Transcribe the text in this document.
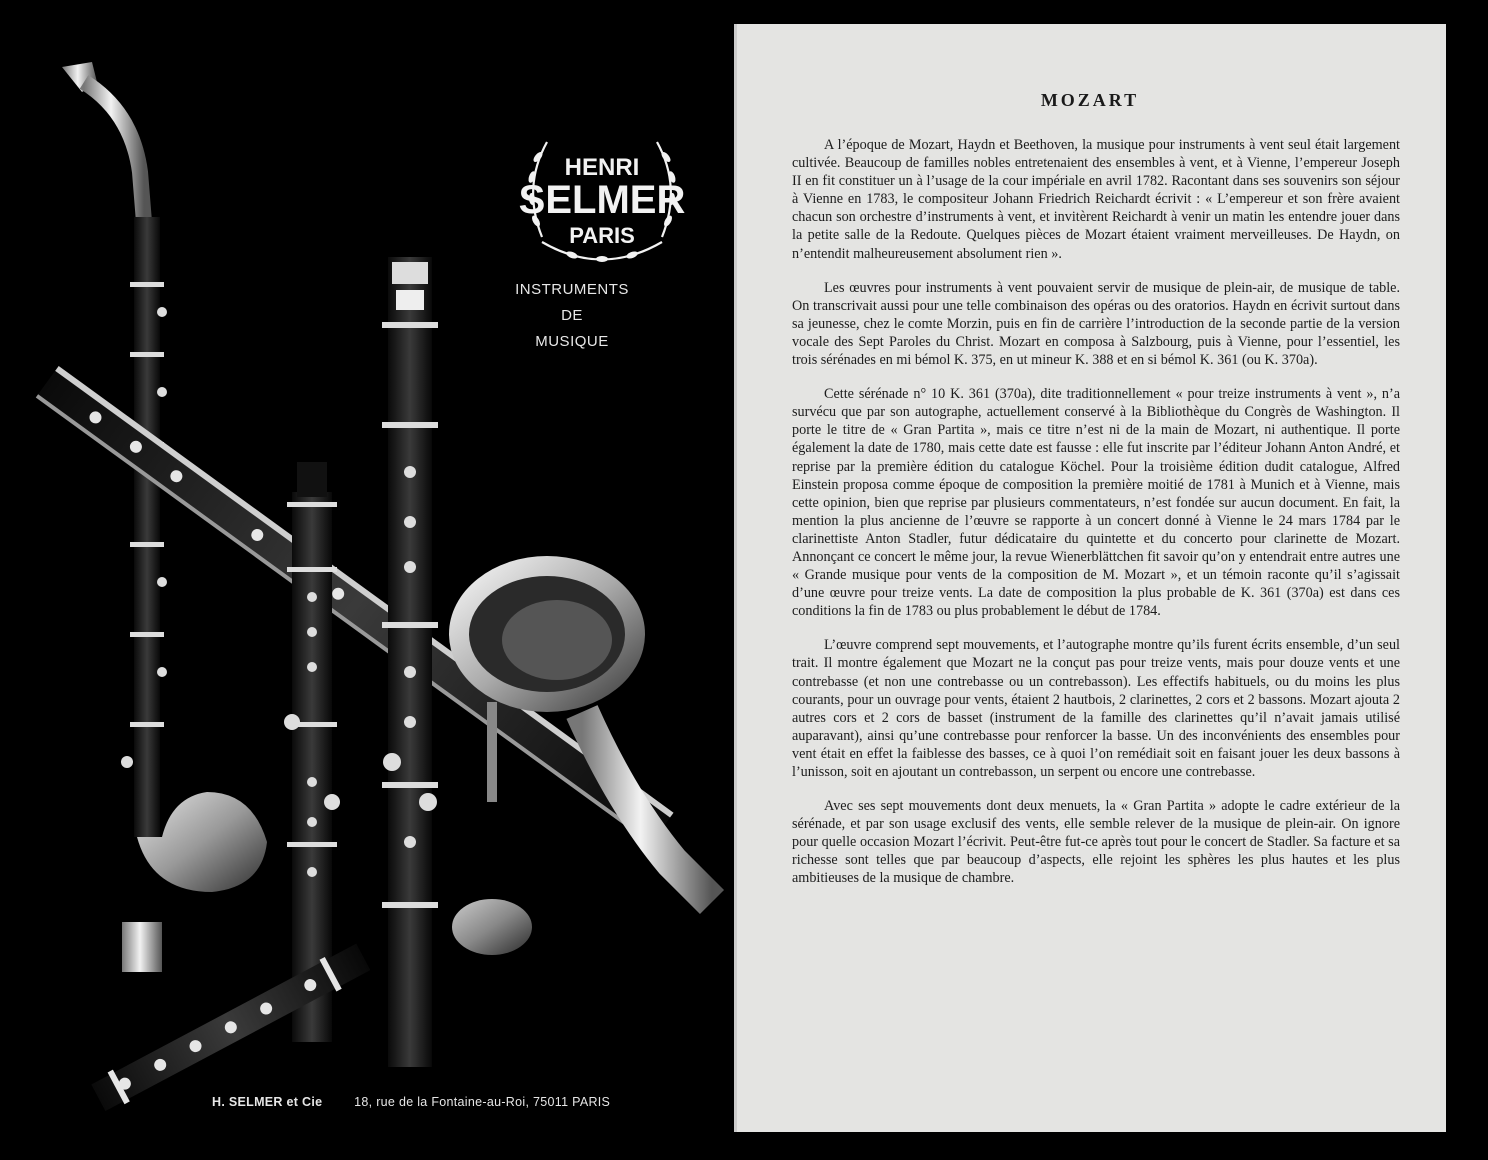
HENRI
SELMER
PARIS
INSTRUMENTS
DE
MUSIQUE
H. SELMER et Cie	18, rue de la Fontaine-au-Roi, 75011 PARIS
MOZART

A l’époque de Mozart, Haydn et Beethoven, la musique pour instruments à vent seul était largement cultivée. Beaucoup de familles nobles entretenaient des ensembles à vent, et à Vienne, l’empereur Joseph II en fit constituer un à l’usage de la cour impériale en avril 1782. Racontant dans ses souvenirs son séjour à Vienne en 1783, le compositeur Johann Friedrich Reichardt écrivit : « L’empereur et son frère avaient chacun son orchestre d’instruments à vent, et invitèrent Reichardt à venir un matin les entendre jouer dans la petite salle de la Redoute. Quelques pièces de Mozart étaient vraiment merveilleuses. De Haydn, on n’entendit malheureusement absolument rien ».

Les œuvres pour instruments à vent pouvaient servir de musique de plein-air, de musique de table. On transcrivait aussi pour une telle combinaison des opéras ou des oratorios. Haydn en écrivit surtout dans sa jeunesse, chez le comte Morzin, puis en fin de carrière l’introduction de la seconde partie de la version vocale des Sept Paroles du Christ. Mozart en composa à Salzbourg, puis à Vienne, pour l’essentiel, les trois sérénades en mi bémol K. 375, en ut mineur K. 388 et en si bémol K. 361 (ou K. 370a).

Cette sérénade n° 10 K. 361 (370a), dite traditionnellement « pour treize instruments à vent », n’a survécu que par son autographe, actuellement conservé à la Bibliothèque du Congrès de Washington. Il porte le titre de « Gran Partita », mais ce titre n’est ni de la main de Mozart, ni authentique. Il porte également la date de 1780, mais cette date est fausse : elle fut inscrite par l’éditeur Johann Anton André, et reprise par la première édition du catalogue Köchel. Pour la troisième édition dudit catalogue, Alfred Einstein proposa comme époque de composition la première moitié de 1781 à Munich et à Vienne, mais cette opinion, bien que reprise par plusieurs commentateurs, n’est fondée sur aucun document. En fait, la mention la plus ancienne de l’œuvre se rapporte à un concert donné à Vienne le 24 mars 1784 par le clarinettiste Anton Stadler, futur dédicataire du quintette et du concerto pour clarinette de Mozart. Annonçant ce concert le même jour, la revue Wienerblättchen fit savoir qu’on y entendrait entre autres une « Grande musique pour vents de la composition de M. Mozart », et un témoin raconte qu’il s’agissait d’une œuvre pour treize vents. La date de composition la plus probable de K. 361 (370a) est dans ces conditions la fin de 1783 ou plus probablement le début de 1784.

L’œuvre comprend sept mouvements, et l’autographe montre qu’ils furent écrits ensemble, d’un seul trait. Il montre également que Mozart ne la conçut pas pour treize vents, mais pour douze vents et une contrebasse (et non une contrebasse ou un contrebasson). Les effectifs habituels, ou du moins les plus courants, pour un ouvrage pour vents, étaient 2 hautbois, 2 clarinettes, 2 cors et 2 bassons. Mozart ajouta 2 autres cors et 2 cors de basset (instrument de la famille des clarinettes qu’il n’avait jamais utilisé auparavant), ainsi qu’une contrebasse pour renforcer la basse. Un des inconvénients des ensembles pour vent était en effet la faiblesse des basses, ce à quoi l’on remédiait soit en faisant jouer les deux bassons à l’unisson, soit en ajoutant un contrebasson, un serpent ou encore une contrebasse.

Avec ses sept mouvements dont deux menuets, la « Gran Partita » adopte le cadre extérieur de la sérénade, et par son usage exclusif des vents, elle semble relever de la musique de plein-air. On ignore pour quelle occasion Mozart l’écrivit. Peut-être fut-ce après tout pour le concert de Stadler. Sa facture et sa richesse sont telles que par beaucoup d’aspects, elle rejoint les sphères les plus hautes et les plus ambitieuses de la musique de chambre.
